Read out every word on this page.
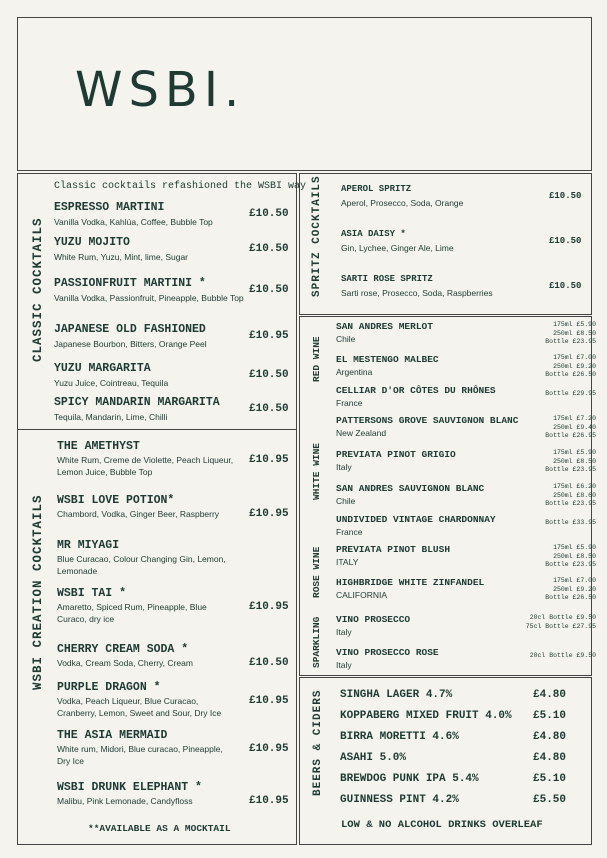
WSBI.
CLASSIC COCKTAILS
Classic cocktails refashioned the WSBI way
ESPRESSO MARTINI
Vanilla Vodka, Kahlúa, Coffee, Bubble Top
£10.50
YUZU MOJITO
White Rum, Yuzu, Mint, lime, Sugar
£10.50
PASSIONFRUIT MARTINI *
Vanilla Vodka, Passionfruit, Pineapple, Bubble Top
£10.50
JAPANESE OLD FASHIONED
Japanese Bourbon, Bitters, Orange Peel
£10.95
YUZU MARGARITA
Yuzu Juice, Cointreau, Tequila
£10.50
SPICY MANDARIN MARGARITA
Tequila, Mandarin, Lime, Chilli
£10.50
WSBI CREATION COCKTAILS
THE AMETHYST
White Rum, Creme de Violette, Peach Liqueur, Lemon Juice, Bubble Top
£10.95
WSBI LOVE POTION*
Chambord, Vodka, Ginger Beer, Raspberry	£10.95
MR MIYAGI
Blue Curacao, Colour Changing Gin, Lemon, Lemonade
WSBI TAI *
Amaretto, Spiced Rum, Pineapple, Blue Curaco, dry ice
£10.95
CHERRY CREAM SODA *
Vodka, Cream Soda, Cherry, Cream	£10.50
PURPLE DRAGON *
Vodka, Peach Liqueur, Blue Curacao, Cranberry, Lemon, Sweet and Sour, Dry Ice
£10.95
THE ASIA MERMAID
White rum, Midori, Blue curacao, Pineapple, Dry Ice
£10.95
WSBI DRUNK ELEPHANT *
Malibu, Pink Lemonade, Candyfloss	£10.95
**AVAILABLE AS A MOCKTAIL
SPRITZ COCKTAILS APEROL SPRITZ
Aperol, Prosecco, Soda, Orange
£10.50
ASIA DAISY *
Gin, Lychee, Ginger Ale, Lime
£10.50
SARTI ROSE SPRITZ
Sarti rose, Prosecco, Soda, Raspberries
£10.50
RED WINE
WHITE WINE
ROSE WINE
SPARKLING
SAN ANDRES MERLOT
Chile
175ml £5.90
250ml £8.50
Bottle £23.95
EL MESTENGO MALBEC
Argentina
175ml £7.00
250ml £9.20
Bottle £26.50
CELLIAR D'OR CÔTES DU RHÔNES
France
Bottle £29.95
PATTERSONS GROVE SAUVIGNON BLANC
New Zealand
175ml £7.20
250ml £9.40
Bottle £26.95
PREVIATA PINOT GRIGIO
Italy
175ml £5.90
250ml £8.50
Bottle £23.95
SAN ANDRES SAUVIGNON BLANC
Chile
175ml £6.20
250ml £8.60
Bottle £23.95
UNDIVIDED VINTAGE CHARDONNAY
France
Bottle £33.95
PREVIATA PINOT BLUSH
ITALY
175ml £5.90
250ml £8.50
Bottle £23.95
HIGHBRIDGE WHITE ZINFANDEL
CALIFORNIA
175ml £7.00
250ml £9.20
Bottle £26.50
VINO PROSECCO
Italy
20cl Bottle £9.50
75cl Bottle £27.95
VINO PROSECCO ROSE
Italy
20cl Bottle £9.50
BEERS & CIDERS SINGHA LAGER 4.7%	£4.80
KOPPABERG MIXED FRUIT 4.0% £5.10
BIRRA MORETTI 4.6%	£4.80
ASAHI 5.0%	£4.80
BREWDOG PUNK IPA 5.4%	£5.10
GUINNESS PINT 4.2%	£5.50
LOW & NO ALCOHOL DRINKS OVERLEAF
